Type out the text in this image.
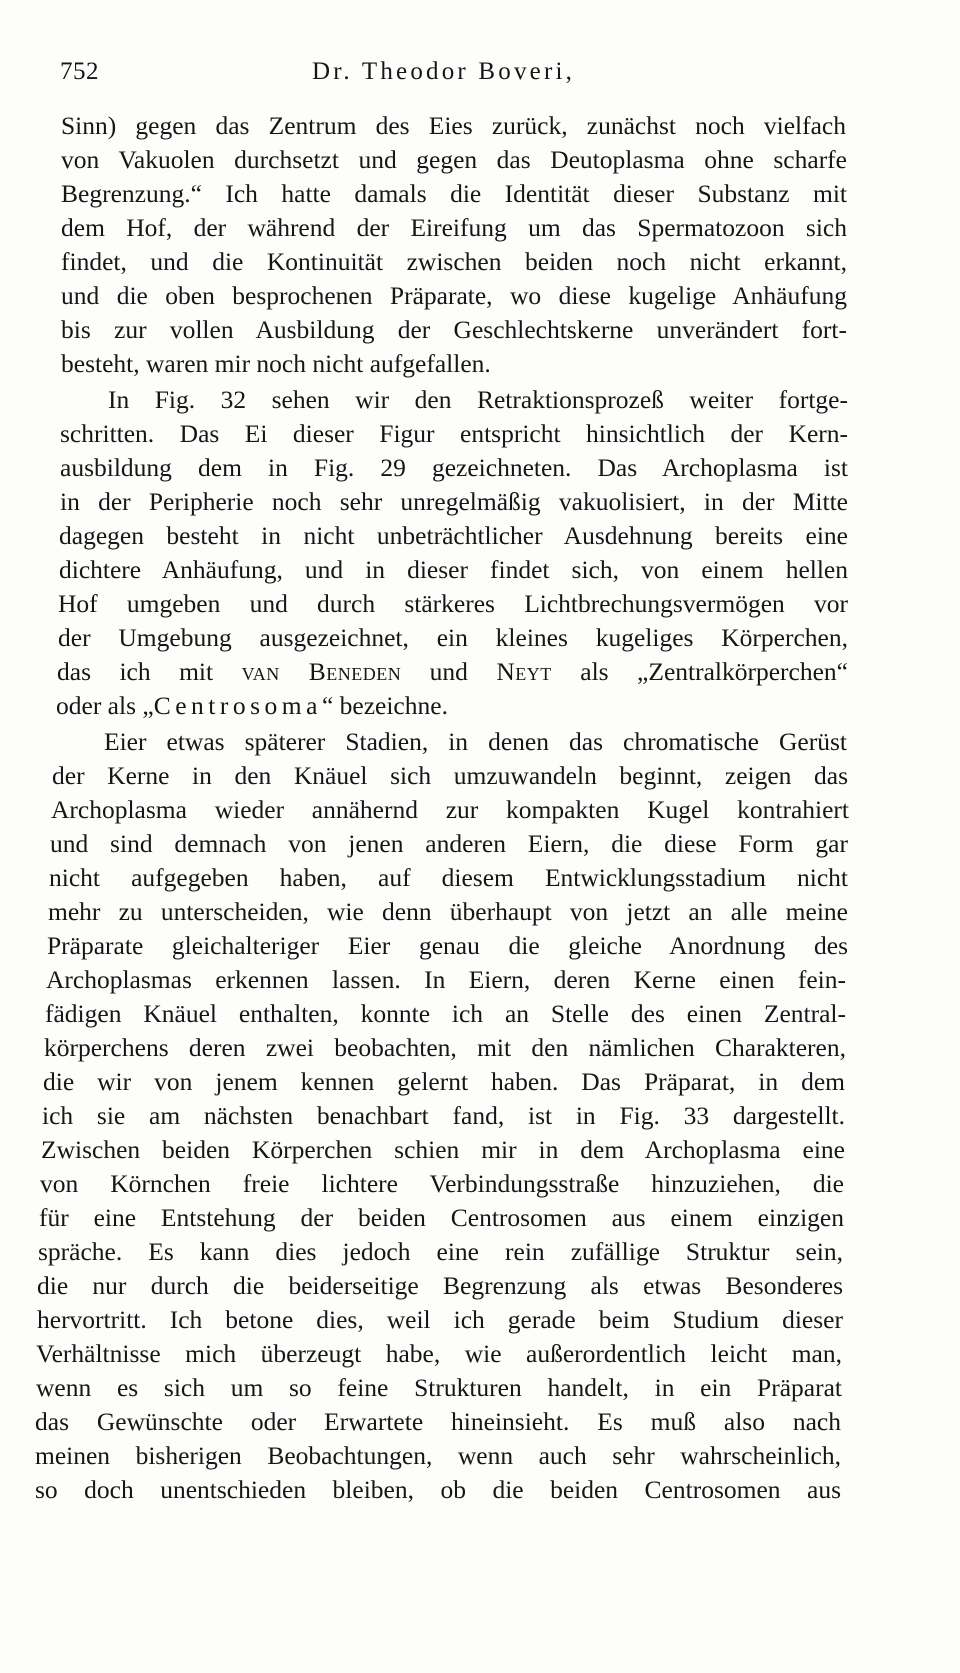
752	Dr. Theodor Boveri,
Sinn) gegen das Zentrum des Eies zurück, zunächst noch vielfach
von Vakuolen durchsetzt und gegen das Deutoplasma ohne scharfe
Begrenzung.“ Ich hatte damals die Identität dieser Substanz mit
dem Hof, der während der Eireifung um das Spermatozoon sich
findet, und die Kontinuität zwischen beiden noch nicht erkannt,
und die oben besprochenen Präparate, wo diese kugelige Anhäufung
bis zur vollen Ausbildung der Geschlechtskerne unverändert fort-
besteht, waren mir noch nicht aufgefallen.
In Fig. 32 sehen wir den Retraktionsprozeß weiter fortge-
schritten. Das Ei dieser Figur entspricht hinsichtlich der Kern-
ausbildung dem in Fig. 29 gezeichneten. Das Archoplasma ist
in der Peripherie noch sehr unregelmäßig vakuolisiert, in der Mitte
dagegen besteht in nicht unbeträchtlicher Ausdehnung bereits eine
dichtere Anhäufung, und in dieser findet sich, von einem hellen
Hof umgeben und durch stärkeres Lichtbrechungsvermögen vor
der Umgebung ausgezeichnet, ein kleines kugeliges Körperchen,
das ich mit van Beneden und Neyt als „Zentralkörperchen“
oder als „Centrosoma“ bezeichne.
Eier etwas späterer Stadien, in denen das chromatische Gerüst
der Kerne in den Knäuel sich umzuwandeln beginnt, zeigen das
Archoplasma wieder annähernd zur kompakten Kugel kontrahiert
und sind demnach von jenen anderen Eiern, die diese Form gar
nicht aufgegeben haben, auf diesem Entwicklungsstadium nicht
mehr zu unterscheiden, wie denn überhaupt von jetzt an alle meine
Präparate gleichalteriger Eier genau die gleiche Anordnung des
Archoplasmas erkennen lassen. In Eiern, deren Kerne einen fein-
fädigen Knäuel enthalten, konnte ich an Stelle des einen Zentral-
körperchens deren zwei beobachten, mit den nämlichen Charakteren,
die wir von jenem kennen gelernt haben. Das Präparat, in dem
ich sie am nächsten benachbart fand, ist in Fig. 33 dargestellt.
Zwischen beiden Körperchen schien mir in dem Archoplasma eine
von Körnchen freie lichtere Verbindungsstraße hinzuziehen, die
für eine Entstehung der beiden Centrosomen aus einem einzigen
spräche. Es kann dies jedoch eine rein zufällige Struktur sein,
die nur durch die beiderseitige Begrenzung als etwas Besonderes
hervortritt. Ich betone dies, weil ich gerade beim Studium dieser
Verhältnisse mich überzeugt habe, wie außerordentlich leicht man,
wenn es sich um so feine Strukturen handelt, in ein Präparat
das Gewünschte oder Erwartete hineinsieht. Es muß also nach
meinen bisherigen Beobachtungen, wenn auch sehr wahrscheinlich,
so doch unentschieden bleiben, ob die beiden Centrosomen aus
